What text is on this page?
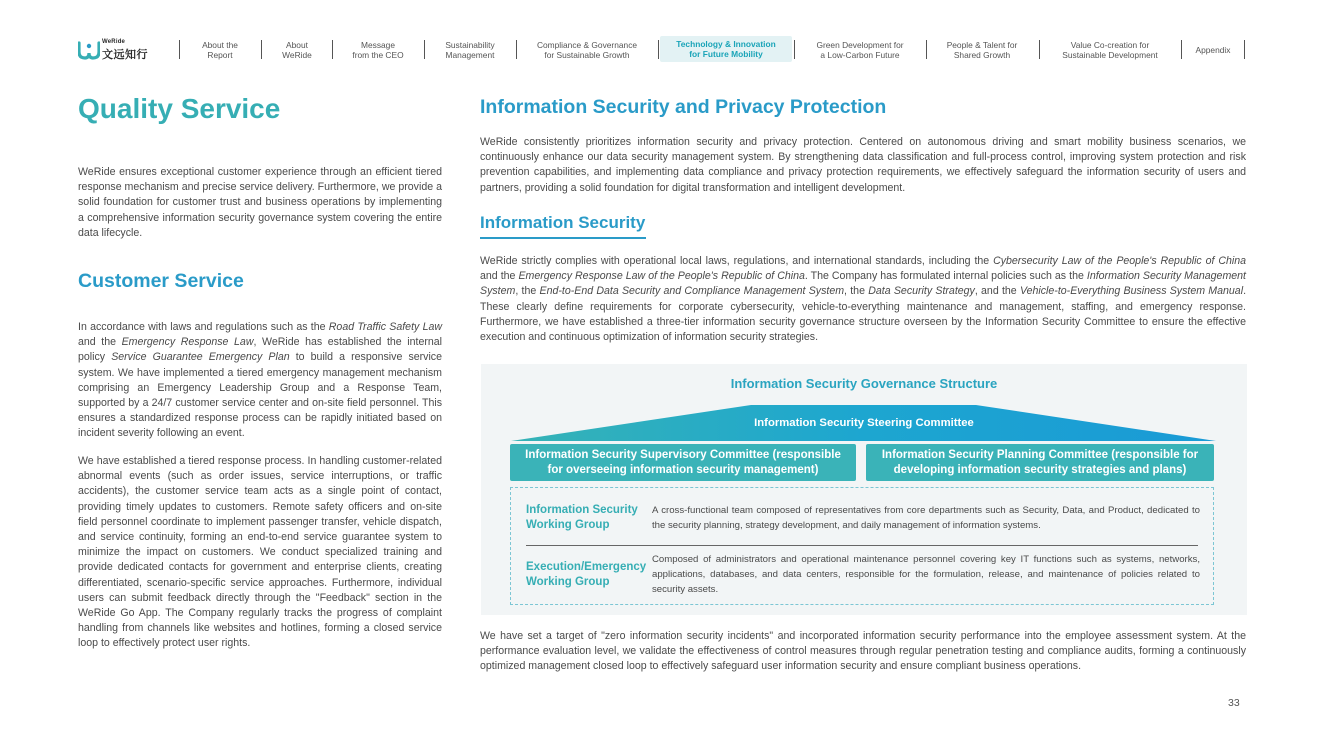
WeRide
文远知行
About the
Report
About
WeRide
Message
from the CEO
Sustainability
Management
Compliance & Governance
for Sustainable Growth
Technology & Innovation
for Future Mobility
Green Development for
a Low-Carbon Future
People & Talent for
Shared Growth
Value Co-creation for
Sustainable Development	Appendix
Quality Service

WeRide ensures exceptional customer experience through an efficient tiered response mechanism and precise service delivery. Furthermore, we provide a solid foundation for customer trust and business operations by implementing a comprehensive information security governance system covering the entire data lifecycle.

Customer Service

In accordance with laws and regulations such as the Road Traffic Safety Law and the Emergency Response Law, WeRide has established the internal policy Service Guarantee Emergency Plan to build a responsive service system. We have implemented a tiered emergency management mechanism comprising an Emergency Leadership Group and a Response Team, supported by a 24/7 customer service center and on-site field personnel. This ensures a standardized response process can be rapidly initiated based on incident severity following an event.

We have established a tiered response process. In handling customer-related abnormal events (such as order issues, service interruptions, or traffic accidents), the customer service team acts as a single point of contact, providing timely updates to customers. Remote safety officers and on-site field personnel coordinate to implement passenger transfer, vehicle dispatch, and service continuity, forming an end-to-end service guarantee system to minimize the impact on customers. We conduct specialized training and provide dedicated contacts for government and enterprise clients, creating differentiated, scenario-specific service approaches. Furthermore, individual users can submit feedback directly through the "Feedback" section in the WeRide Go App. The Company regularly tracks the progress of complaint handling from channels like websites and hotlines, forming a closed service loop to effectively protect user rights.

Information Security and Privacy Protection

WeRide consistently prioritizes information security and privacy protection. Centered on autonomous driving and smart mobility business scenarios, we continuously enhance our data security management system. By strengthening data classification and full-process control, improving system protection and risk prevention capabilities, and implementing data compliance and privacy protection requirements, we effectively safeguard the information security of users and partners, providing a solid foundation for digital transformation and intelligent development.

Information Security

WeRide strictly complies with operational local laws, regulations, and international standards, including the Cybersecurity Law of the People's Republic of China and the Emergency Response Law of the People's Republic of China. The Company has formulated internal policies such as the Information Security Management System, the End-to-End Data Security and Compliance Management System, the Data Security Strategy, and the Vehicle-to-Everything Business System Manual. These clearly define requirements for corporate cybersecurity, vehicle-to-everything maintenance and management, staffing, and emergency response. Furthermore, we have established a three-tier information security governance structure overseen by the Information Security Committee to ensure the effective execution and continuous optimization of information security strategies.

Information Security Governance Structure
Information Security Steering Committee
Information Security Supervisory Committee (responsible for overseeing information security management)
Information Security Planning Committee (responsible for developing information security strategies and plans)
Information Security Working Group
A cross-functional team composed of representatives from core departments such as Security, Data, and Product, dedicated to the security planning, strategy development, and daily management of information systems.
Execution/Emergency Working Group
Composed of administrators and operational maintenance personnel covering key IT functions such as systems, networks, applications, databases, and data centers, responsible for the formulation, release, and maintenance of policies related to security assets.

We have set a target of "zero information security incidents" and incorporated information security performance into the employee assessment system. At the performance evaluation level, we validate the effectiveness of control measures through regular penetration testing and compliance audits, forming a continuously optimized management closed loop to effectively safeguard user information security and ensure compliant business operations.

33
